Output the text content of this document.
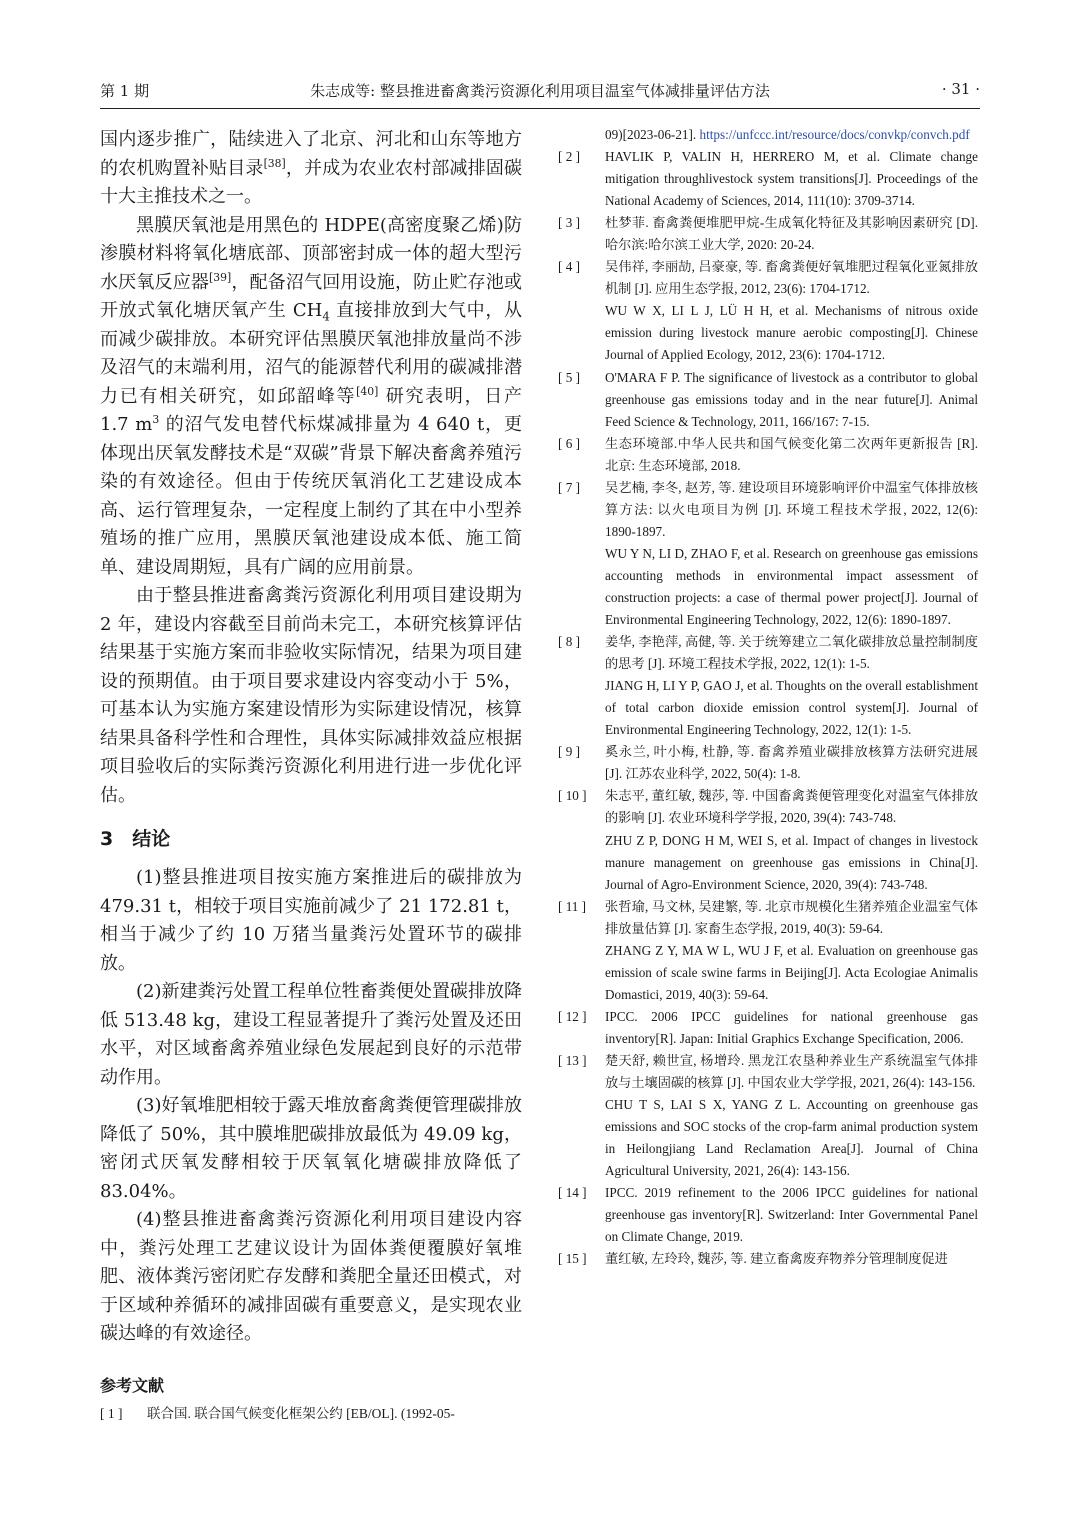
第 1 期	朱志成等: 整县推进畜禽粪污资源化利用项目温室气体减排量评估方法	· 31 ·

国内逐步推广，陆续进入了北京、河北和山东等地方的农机购置补贴目录[38]，并成为农业农村部减排固碳十大主推技术之一。

黑膜厌氧池是用黑色的 HDPE(高密度聚乙烯)防渗膜材料将氧化塘底部、顶部密封成一体的超大型污水厌氧反应器[39]，配备沼气回用设施，防止贮存池或开放式氧化塘厌氧产生 $CH_4$ 直接排放到大气中，从而减少碳排放。本研究评估黑膜厌氧池排放量尚不涉及沼气的末端利用，沼气的能源替代利用的碳减排潜力已有相关研究，如邱韶峰等[40] 研究表明，日产 1.7 $m^3$ 的沼气发电替代标煤减排量为 4 640 t，更体现出厌氧发酵技术是“双碳”背景下解决畜禽养殖污染的有效途径。但由于传统厌氧消化工艺建设成本高、运行管理复杂，一定程度上制约了其在中小型养殖场的推广应用，黑膜厌氧池建设成本低、施工简单、建设周期短，具有广阔的应用前景。

由于整县推进畜禽粪污资源化利用项目建设期为 2 年，建设内容截至目前尚未完工，本研究核算评估结果基于实施方案而非验收实际情况，结果为项目建设的预期值。由于项目要求建设内容变动小于 5%，可基本认为实施方案建设情形为实际建设情况，核算结果具备科学性和合理性，具体实际减排效益应根据项目验收后的实际粪污资源化利用进行进一步优化评估。

3　结论

(1)整县推进项目按实施方案推进后的碳排放为 479.31 t，相较于项目实施前减少了 21 172.81 t，相当于减少了约 10 万猪当量粪污处置环节的碳排放。

(2)新建粪污处置工程单位牲畜粪便处置碳排放降低 513.48 kg，建设工程显著提升了粪污处置及还田水平，对区域畜禽养殖业绿色发展起到良好的示范带动作用。

(3)好氧堆肥相较于露天堆放畜禽粪便管理碳排放降低了 50%，其中膜堆肥碳排放最低为 49.09 kg，密闭式厌氧发酵相较于厌氧氧化塘碳排放降低了 83.04%。

(4)整县推进畜禽粪污资源化利用项目建设内容中，粪污处理工艺建议设计为固体粪便覆膜好氧堆肥、液体粪污密闭贮存发酵和粪肥全量还田模式，对于区域种养循环的减排固碳有重要意义，是实现农业碳达峰的有效途径。

参考文献
[ 1 ]	联合国. 联合国气候变化框架公约 [EB/OL]. (1992-05-
09)[2023-06-21]. https://unfccc.int/resource/docs/convkp/convch.pdf
[ 2 ]	HAVLIK P, VALIN H, HERRERO M, et al. Climate change mitigation throughlivestock system transitions[J]. Proceedings of the National Academy of Sciences, 2014, 111(10): 3709-3714.
[ 3 ]	杜梦菲. 畜禽粪便堆肥甲烷-生成氧化特征及其影响因素研究 [D]. 哈尔滨:哈尔滨工业大学, 2020: 20-24.
[ 4 ]	吴伟祥, 李丽劼, 吕豪豪, 等. 畜禽粪便好氧堆肥过程氧化亚氮排放机制 [J]. 应用生态学报, 2012, 23(6): 1704-1712.
WU W X, LI L J, LÜ H H, et al. Mechanisms of nitrous oxide emission during livestock manure aerobic composting[J]. Chinese Journal of Applied Ecology, 2012, 23(6): 1704-1712.
[ 5 ]	O'MARA F P. The significance of livestock as a contributor to global greenhouse gas emissions today and in the near future[J]. Animal Feed Science & Technology, 2011, 166/167: 7-15.
[ 6 ]	生态环境部.中华人民共和国气候变化第二次两年更新报告 [R]. 北京: 生态环境部, 2018.
[ 7 ]	吴艺楠, 李冬, 赵芳, 等. 建设项目环境影响评价中温室气体排放核算方法: 以火电项目为例 [J]. 环境工程技术学报, 2022, 12(6): 1890-1897.
WU Y N, LI D, ZHAO F, et al. Research on greenhouse gas emissions accounting methods in environmental impact assessment of construction projects: a case of thermal power project[J]. Journal of Environmental Engineering Technology, 2022, 12(6): 1890-1897.
[ 8 ]	姜华, 李艳萍, 高健, 等. 关于统筹建立二氧化碳排放总量控制制度的思考 [J]. 环境工程技术学报, 2022, 12(1): 1-5.
JIANG H, LI Y P, GAO J, et al. Thoughts on the overall establishment of total carbon dioxide emission control system[J]. Journal of Environmental Engineering Technology, 2022, 12(1): 1-5.
[ 9 ]	奚永兰, 叶小梅, 杜静, 等. 畜禽养殖业碳排放核算方法研究进展 [J]. 江苏农业科学, 2022, 50(4): 1-8.
[ 10 ]	朱志平, 董红敏, 魏莎, 等. 中国畜禽粪便管理变化对温室气体排放的影响 [J]. 农业环境科学学报, 2020, 39(4): 743-748.
ZHU Z P, DONG H M, WEI S, et al. Impact of changes in livestock manure management on greenhouse gas emissions in China[J]. Journal of Agro-Environment Science, 2020, 39(4): 743-748.
[ 11 ]	张哲瑜, 马文林, 吴建繁, 等. 北京市规模化生猪养殖企业温室气体排放量估算 [J]. 家畜生态学报, 2019, 40(3): 59-64.
ZHANG Z Y, MA W L, WU J F, et al. Evaluation on greenhouse gas emission of scale swine farms in Beijing[J]. Acta Ecologiae Animalis Domastici, 2019, 40(3): 59-64.
[ 12 ]	IPCC. 2006 IPCC guidelines for national greenhouse gas inventory[R]. Japan: Initial Graphics Exchange Specification, 2006.
[ 13 ]	楚天舒, 赖世宣, 杨增玲. 黑龙江农垦种养业生产系统温室气体排放与土壤固碳的核算 [J]. 中国农业大学学报, 2021, 26(4): 143-156.
CHU T S, LAI S X, YANG Z L. Accounting on greenhouse gas emissions and SOC stocks of the crop-farm animal production system in Heilongjiang Land Reclamation Area[J]. Journal of China Agricultural University, 2021, 26(4): 143-156.
[ 14 ]	IPCC. 2019 refinement to the 2006 IPCC guidelines for national greenhouse gas inventory[R]. Switzerland: Inter Governmental Panel on Climate Change, 2019.
[ 15 ]	董红敏, 左玲玲, 魏莎, 等. 建立畜禽废弃物养分管理制度促进
